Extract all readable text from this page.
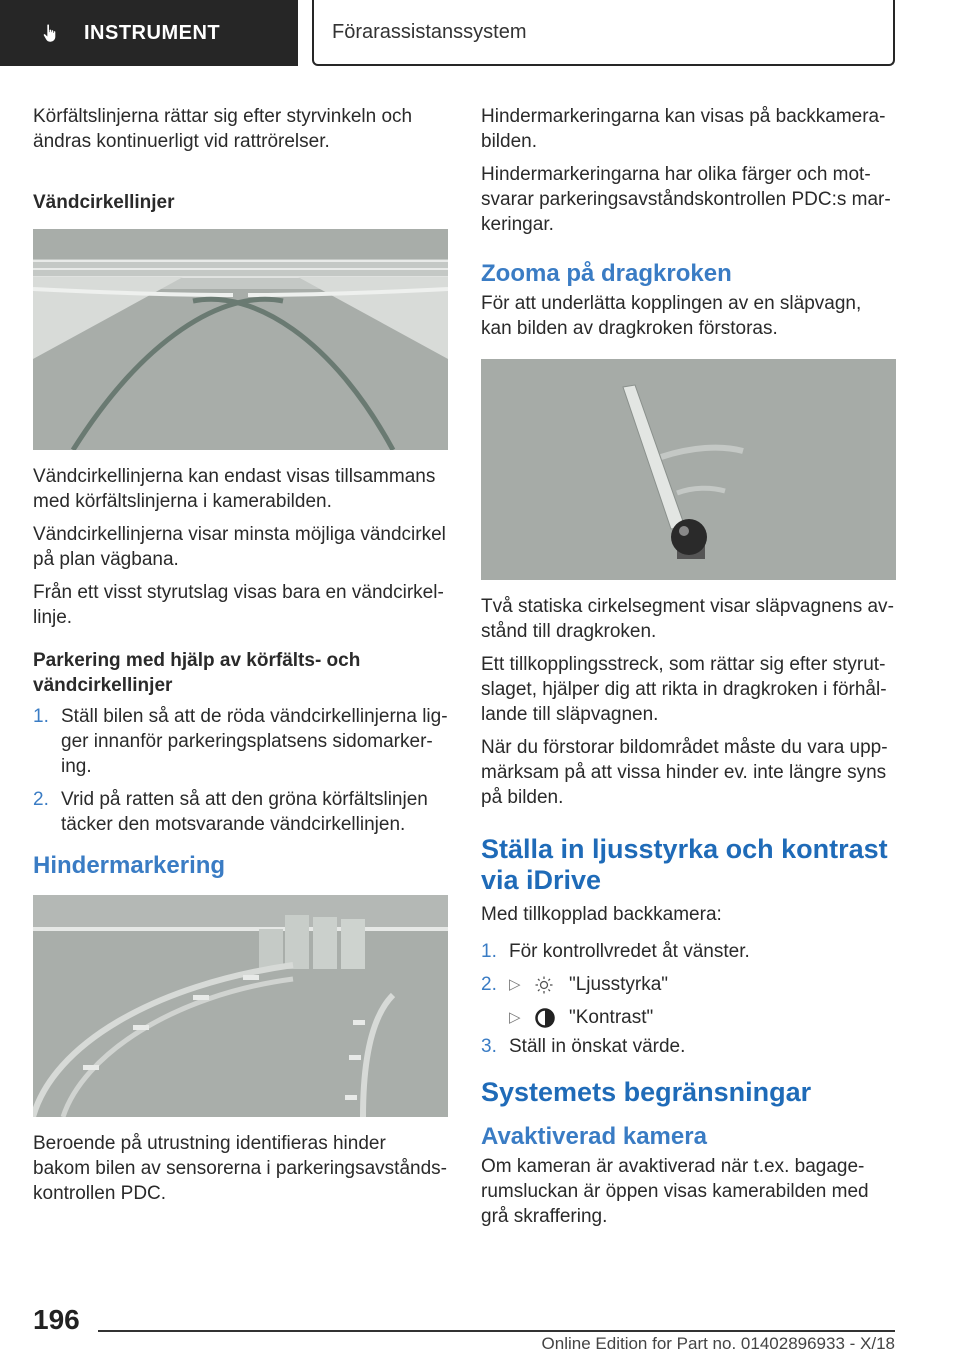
INSTRUMENT	Förarassistanssystem

Körfältslinjerna rättar sig efter styrvinkeln och ändras kontinuerligt vid rattrörelser.

Vändcirkellinjer

Vändcirkellinjerna kan endast visas tillsammans med körfältslinjerna i kamerabilden.

Vändcirkellinjerna visar minsta möjliga vändcirkel på plan vägbana.

Från ett visst styrutslag visas bara en vändcirkellinje.

Parkering med hjälp av körfälts- och vändcirkellinjer
1. Ställ bilen så att de röda vändcirkellinjerna ligger innanför parkeringsplatsens sidomarkering.
2. Vrid på ratten så att den gröna körfältslinjen täcker den motsvarande vändcirkellinjen.
Hindermarkering

Beroende på utrustning identifieras hinder bakom bilen av sensorerna i parkeringsavståndskontrollen PDC.

Hindermarkeringarna kan visas på backkamerabilden.

Hindermarkeringarna har olika färger och motsvarar parkeringsavståndskontrollen PDC:s markeringar.

Zooma på dragkroken

För att underlätta kopplingen av en släpvagn, kan bilden av dragkroken förstoras.

Två statiska cirkelsegment visar släpvagnens avstånd till dragkroken.

Ett tillkopplingsstreck, som rättar sig efter styrutslaget, hjälper dig att rikta in dragkroken i förhållande till släpvagnen.

När du förstorar bildområdet måste du vara uppmärksam på att vissa hinder ev. inte längre syns på bilden.

Ställa in ljusstyrka och kontrast via iDrive

Med tillkopplad backkamera:

1. För kontrollvredet åt vänster.
2. ▷	"Ljusstyrka"
▷	"Kontrast"
3. Ställ in önskat värde.
Systemets begränsningar
Avaktiverad kamera

Om kameran är avaktiverad när t.ex. bagagerumsluckan är öppen visas kamerabilden med grå skraffering.

196
Online Edition for Part no. 01402896933 - X/18
